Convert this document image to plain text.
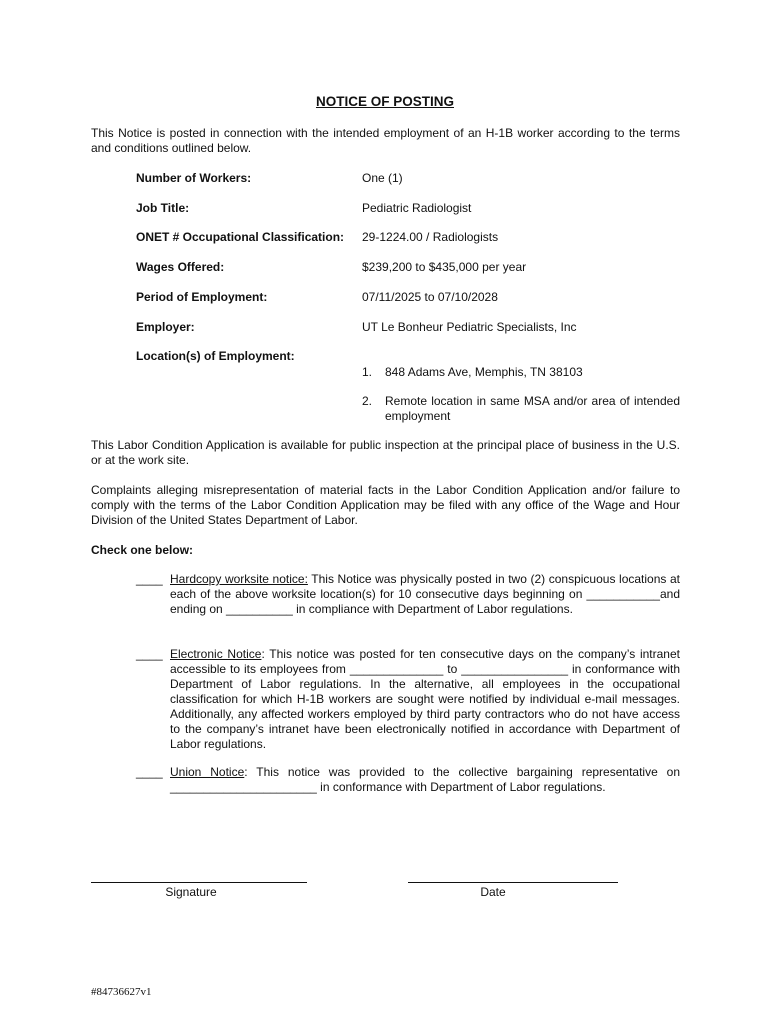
NOTICE OF POSTING
This Notice is posted in connection with the intended employment of an H-1B worker according to the terms and conditions outlined below.
Number of Workers:	One (1)
Job Title:	Pediatric Radiologist
ONET # Occupational Classification: 29-1224.00 / Radiologists
Wages Offered:	$239,200 to $435,000 per year
Period of Employment:	07/11/2025 to 07/10/2028
Employer:	UT Le Bonheur Pediatric Specialists, Inc
Location(s) of Employment:
1. 848 Adams Ave, Memphis, TN 38103
2. Remote location in same MSA and/or area of intended employment
This Labor Condition Application is available for public inspection at the principal place of business in the U.S. or at the work site.
Complaints alleging misrepresentation of material facts in the Labor Condition Application and/or failure to comply with the terms of the Labor Condition Application may be filed with any office of the Wage and Hour Division of the United States Department of Labor.
Check one below:
____ Hardcopy worksite notice: This Notice was physically posted in two (2) conspicuous locations at each of the above worksite location(s) for 10 consecutive days beginning on ___________and ending on __________ in compliance with Department of Labor regulations.
____ Electronic Notice: This notice was posted for ten consecutive days on the company’s intranet accessible to its employees from ______________ to ________________ in conformance with Department of Labor regulations. In the alternative, all employees in the occupational classification for which H-1B workers are sought were notified by individual e-mail messages. Additionally, any affected workers employed by third party contractors who do not have access to the company’s intranet have been electronically notified in accordance with Department of Labor regulations.
____ Union Notice: This notice was provided to the collective bargaining representative on ______________________ in conformance with Department of Labor regulations.
Signature	Date
#84736627v1
